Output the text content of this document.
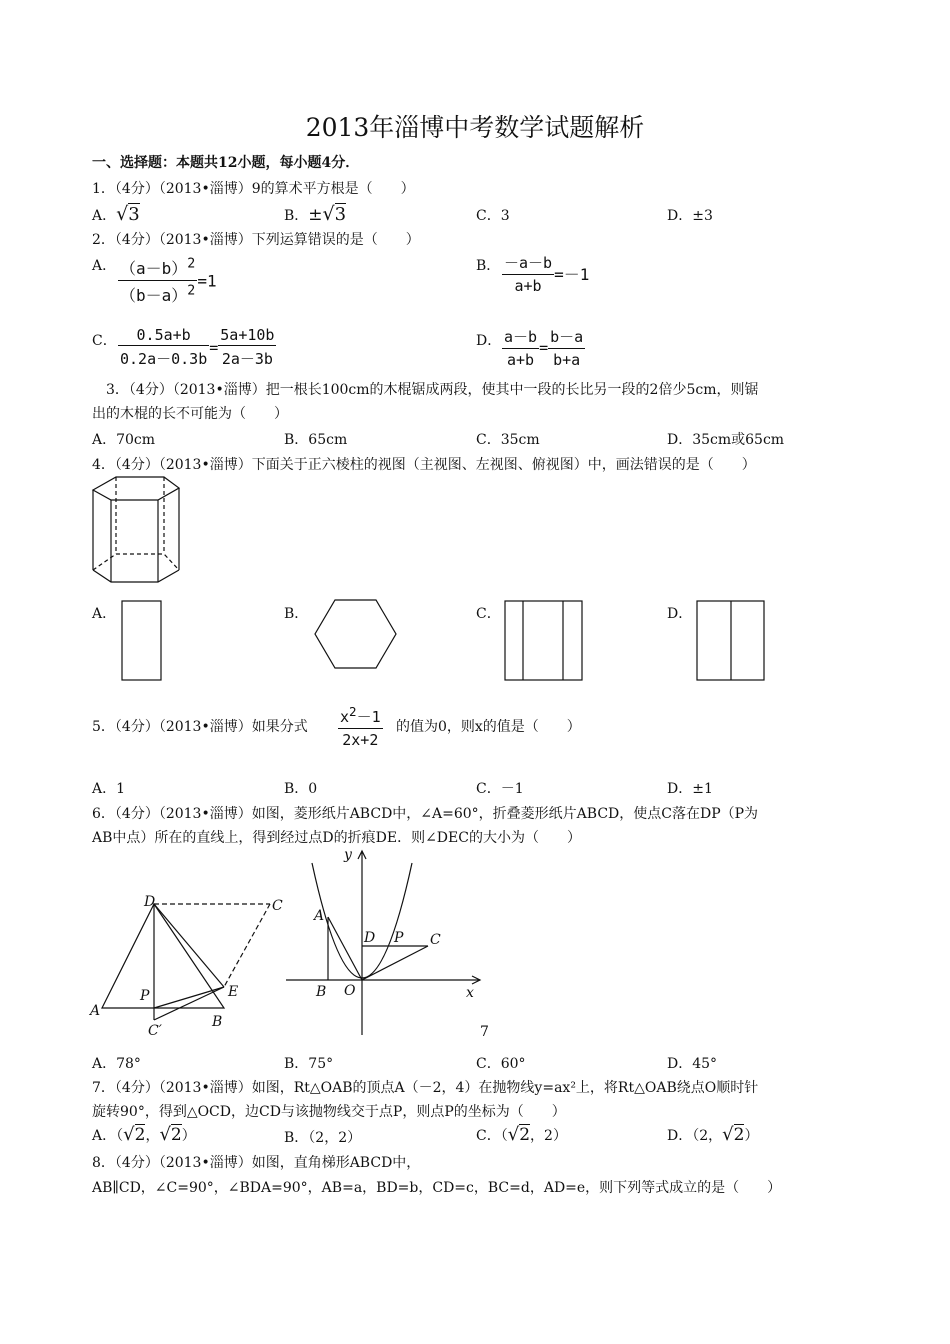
2013年淄博中考数学试题解析
一、选择题：本题共12小题，每小题4分．
1．（4分）（2013•淄博）9的算术平方根是（　　）
A．√3	B．±√3	C．3	D．±3
2．（4分）（2013•淄博）下列运算错误的是（　　）
A． $\frac{(a-b)^2}{(b-a)^2} =1$
B． $\frac{-a-b}{a+b} =-1$
C． $\frac{0.5a+b}{0.2a-0.3b} = \frac{5a+10b}{2a-3b}$	D． $\frac{a-b}{a+b} = \frac{b-a}{b+a}$
3．（4分）（2013•淄博）把一根长100cm的木棍锯成两段，使其中一段的长比另一段的2倍少5cm，则锯
出的木棍的长不可能为（　　）
A．70cm	B．65cm	C．35cm	D．35cm或65cm
4．（4分）（2013•淄博）下面关于正六棱柱的视图（主视图、左视图、俯视图）中，画法错误的是（　　）
A．	B．	C．	D．
5．（4分）（2013•淄博）如果分式 $\frac{x^2-1}{2x+2}$ 的值为0，则x的值是（　　）
A．1	B．0	C．－1	D．±1
6．（4分）（2013•淄博）如图，菱形纸片ABCD中，∠A=60°，折叠菱形纸片ABCD，使点C落在DP（P为
AB中点）所在的直线上，得到经过点D的折痕DE．则∠DEC的大小为（　　）
D	C
A
P	E
B
C′
y
x
A
D P C
B O
7
A．78°	B．75°	C．60°	D．45°
7．（4分）（2013•淄博）如图，Rt△OAB的顶点A（－2，4）在抛物线y=ax²上，将Rt△OAB绕点O顺时针
旋转90°，得到△OCD，边CD与该抛物线交于点P，则点P的坐标为（　　）
A．（√2，√2）	B．（2，2）	C．（√2，2）	D．（2，√2）
8．（4分）（2013•淄博）如图，直角梯形ABCD中，
AB∥CD，∠C=90°，∠BDA=90°，AB=a，BD=b，CD=c，BC=d，AD=e，则下列等式成立的是（　　）
